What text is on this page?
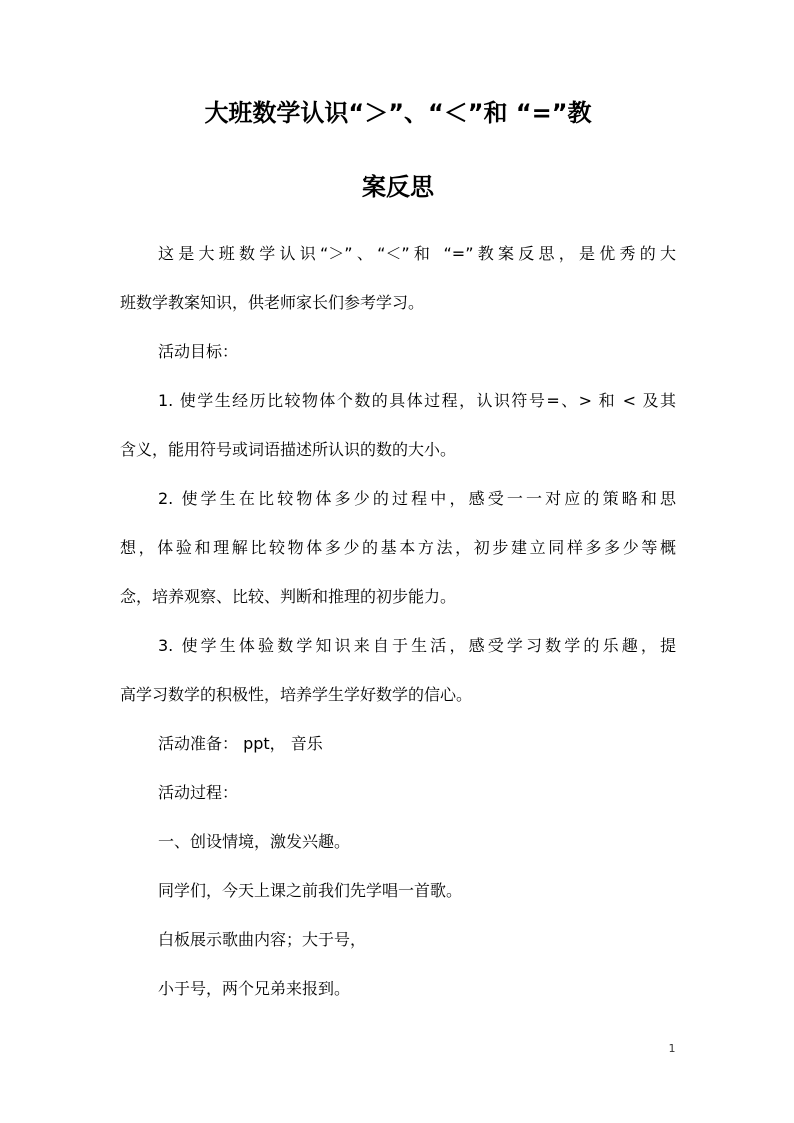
大班数学认识“＞”、“＜”和 “=”教
案反思

这是大班数学认识“＞”、“＜”和 “=”教案反思，是优秀的大

班数学教案知识，供老师家长们参考学习。

活动目标：

1. 使学生经历比较物体个数的具体过程，认识符号=、> 和 < 及其

含义，能用符号或词语描述所认识的数的大小。

2. 使学生在比较物体多少的过程中，感受一一对应的策略和思

想，体验和理解比较物体多少的基本方法，初步建立同样多多少等概

念，培养观察、比较、判断和推理的初步能力。

3. 使学生体验数学知识来自于生活，感受学习数学的乐趣，提

高学习数学的积极性，培养学生学好数学的信心。

活动准备： ppt， 音乐

活动过程：

一、创设情境，激发兴趣。

同学们，今天上课之前我们先学唱一首歌。

白板展示歌曲内容；大于号，

小于号，两个兄弟来报到。

1
